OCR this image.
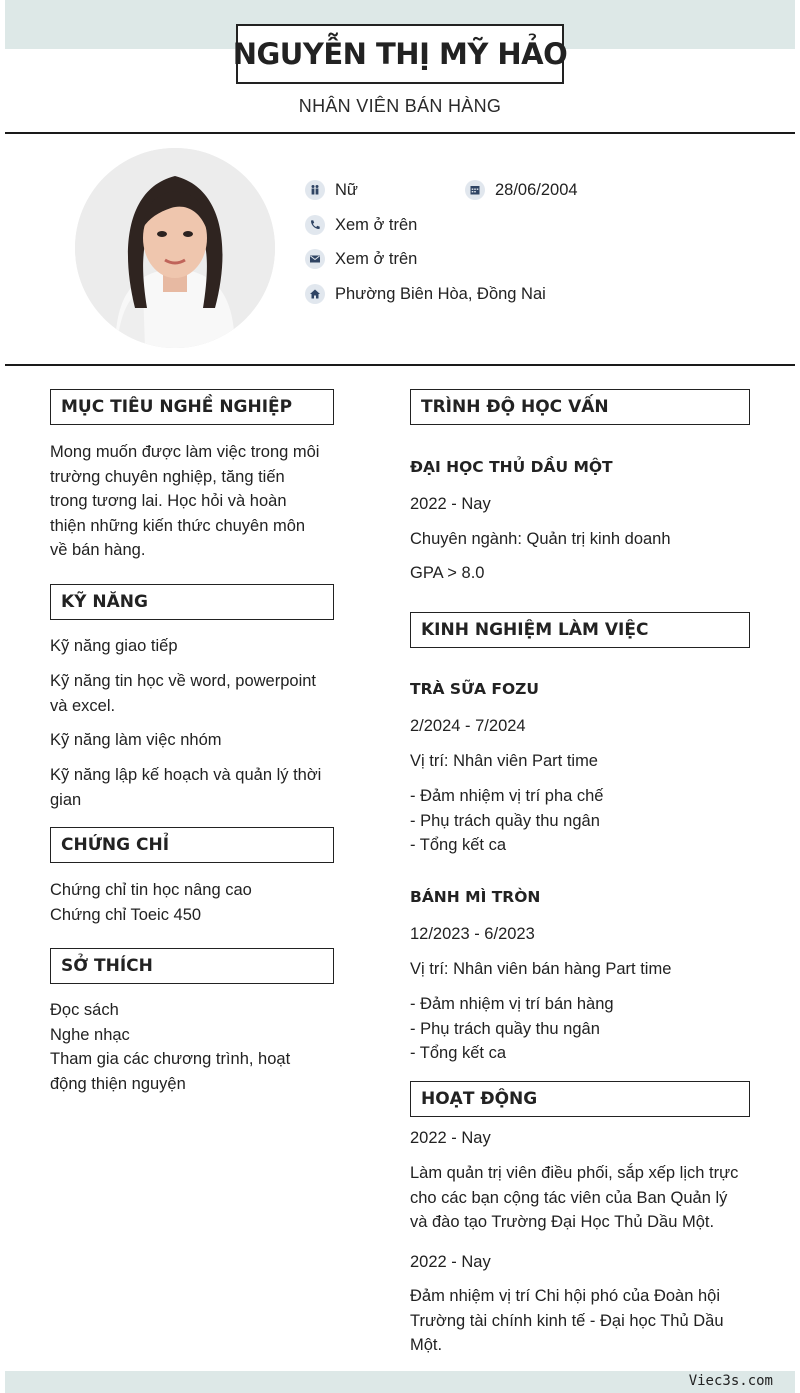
NGUYỄN THỊ MỸ HẢO
NHÂN VIÊN BÁN HÀNG
Nữ	28/06/2004
Xem ở trên
Xem ở trên
Phường Biên Hòa, Đồng Nai
MỤC TIÊU NGHỀ NGHIỆP
Mong muốn được làm việc trong môi
trường chuyên nghiệp, tăng tiến
trong tương lai. Học hỏi và hoàn
thiện những kiến thức chuyên môn
về bán hàng.
KỸ NĂNG
Kỹ năng giao tiếp
Kỹ năng tin học về word, powerpoint
và excel.
Kỹ năng làm việc nhóm
Kỹ năng lập kế hoạch và quản lý thời
gian
CHỨNG CHỈ
Chứng chỉ tin học nâng cao
Chứng chỉ Toeic 450
SỞ THÍCH
Đọc sách
Nghe nhạc
Tham gia các chương trình, hoạt
động thiện nguyện
TRÌNH ĐỘ HỌC VẤN
ĐẠI HỌC THỦ DẦU MỘT
2022 - Nay
Chuyên ngành: Quản trị kinh doanh
GPA > 8.0
KINH NGHIỆM LÀM VIỆC
TRÀ SỮA FOZU
2/2024 - 7/2024
Vị trí: Nhân viên Part time
- Đảm nhiệm vị trí pha chế
- Phụ trách quầy thu ngân
- Tổng kết ca
BÁNH MÌ TRÒN
12/2023 - 6/2023
Vị trí: Nhân viên bán hàng Part time
- Đảm nhiệm vị trí bán hàng
- Phụ trách quầy thu ngân
- Tổng kết ca
HOẠT ĐỘNG
2022 - Nay
Làm quản trị viên điều phối, sắp xếp lịch trực
cho các bạn cộng tác viên của Ban Quản lý
và đào tạo Trường Đại Học Thủ Dầu Một.
2022 - Nay
Đảm nhiệm vị trí Chi hội phó của Đoàn hội
Trường tài chính kinh tế - Đại học Thủ Dầu
Một.
Viec3s.com
